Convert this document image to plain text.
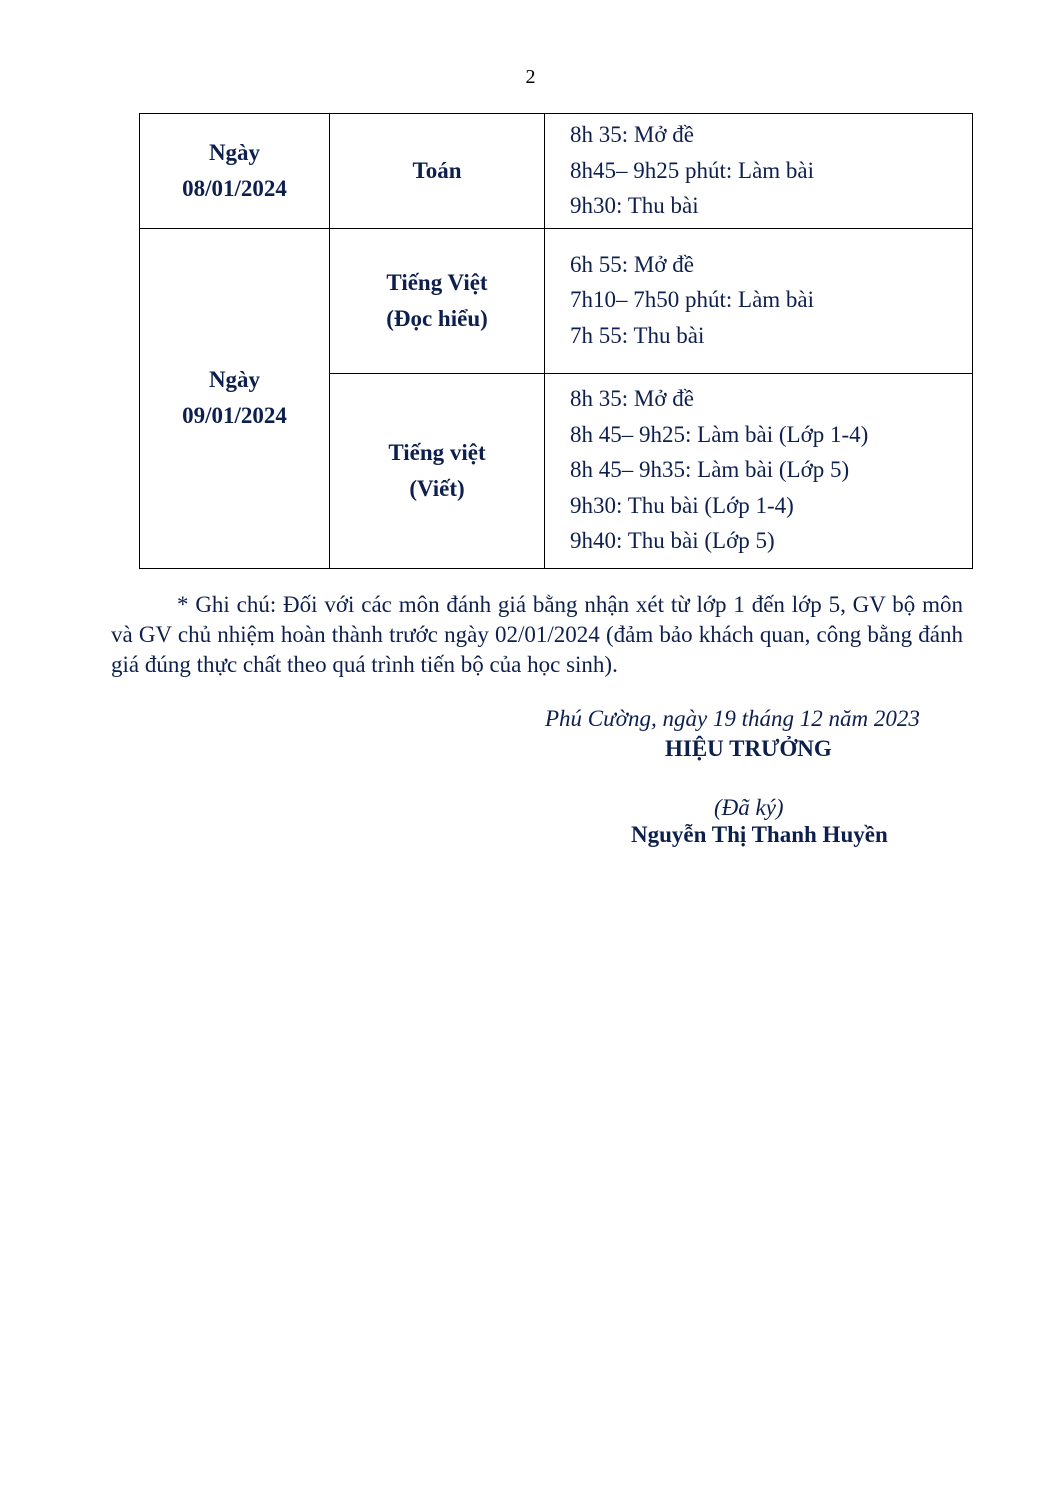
2
Ngày
08/01/2024	Toán	8h 35: Mở đề
8h45– 9h25 phút: Làm bài
9h30: Thu bài

Ngày
09/01/2024	Tiếng Việt
(Đọc hiểu)	6h 55: Mở đề
7h10– 7h50 phút: Làm bài
7h 55: Thu bài

	Tiếng việt
(Viết)	8h 35: Mở đề
8h 45– 9h25: Làm bài (Lớp 1-4)
8h 45– 9h35: Làm bài (Lớp 5)
9h30: Thu bài (Lớp 1-4)
9h40: Thu bài (Lớp 5)
* Ghi chú: Đối với các môn đánh giá bằng nhận xét từ lớp 1 đến lớp 5, GV bộ môn và GV chủ nhiệm hoàn thành trước ngày 02/01/2024 (đảm bảo khách quan, công bằng đánh giá đúng thực chất theo quá trình tiến bộ của học sinh).
Phú Cường, ngày 19 tháng 12 năm 2023
HIỆU TRƯỞNG
(Đã ký)
Nguyễn Thị Thanh Huyền
